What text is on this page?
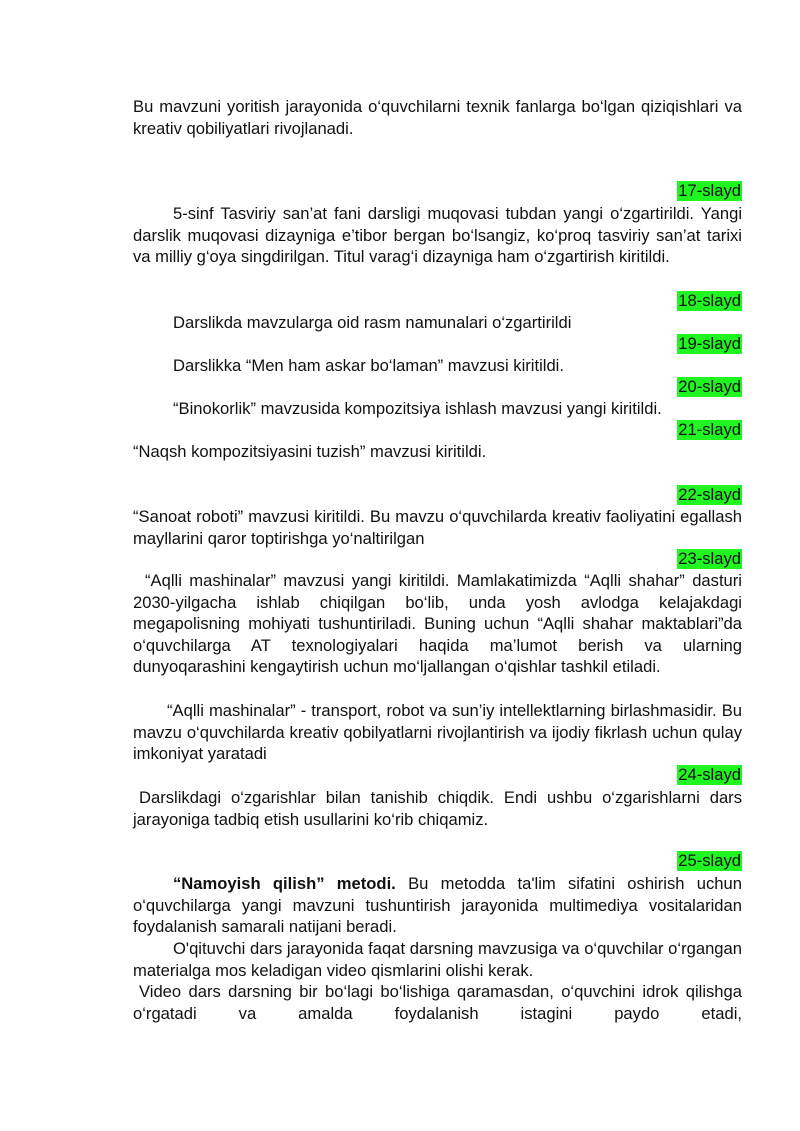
Bu mavzuni yoritish jarayonida o‘quvchilarni texnik fanlarga bo‘lgan qiziqishlari va kreativ qobiliyatlari rivojlanadi.

17-slayd

5-sinf Tasviriy san’at fani darsligi muqovasi tubdan yangi o‘zgartirildi. Yangi darslik muqovasi dizayniga e’tibor bergan bo‘lsangiz, ko‘proq tasviriy san’at tarixi va milliy g‘oya singdirilgan. Titul varag‘i dizayniga ham o‘zgartirish kiritildi.

18-slayd

Darslikda mavzularga oid rasm namunalari o‘zgartirildi

19-slayd

Darslikka “Men ham askar bo‘laman” mavzusi kiritildi.

20-slayd

“Binokorlik” mavzusida kompozitsiya ishlash mavzusi yangi kiritildi.

21-slayd

“Naqsh kompozitsiyasini tuzish” mavzusi kiritildi.

22-slayd

“Sanoat roboti” mavzusi kiritildi. Bu mavzu o‘quvchilarda kreativ faoliyatini egallash mayllarini qaror toptirishga yo‘naltirilgan

23-slayd

“Aqlli mashinalar” mavzusi yangi kiritildi. Mamlakatimizda “Aqlli shahar” dasturi 2030-yilgacha ishlab chiqilgan bo‘lib, unda yosh avlodga kelajakdagi megapolisning mohiyati tushuntiriladi. Buning uchun “Aqlli shahar maktablari”da o‘quvchilarga AT texnologiyalari haqida ma’lumot berish va ularning dunyoqarashini kengaytirish uchun mo‘ljallangan o‘qishlar tashkil etiladi.

“Aqlli mashinalar” - transport, robot va sun’iy intellektlarning birlashmasidir. Bu mavzu o‘quvchilarda kreativ qobilyatlarni rivojlantirish va ijodiy fikrlash uchun qulay imkoniyat yaratadi

24-slayd

Darslikdagi o‘zgarishlar bilan tanishib chiqdik. Endi ushbu o‘zgarishlarni dars jarayoniga tadbiq etish usullarini ko‘rib chiqamiz.

25-slayd

“Namoyish qilish” metodi. Bu metodda ta'lim sifatini oshirish uchun o‘quvchilarga yangi mavzuni tushuntirish jarayonida multimediya vositalaridan foydalanish samarali natijani beradi.

O'qituvchi dars jarayonida faqat darsning mavzusiga va o‘quvchilar o‘rgangan materialga mos keladigan video qismlarini olishi kerak.

Video dars darsning bir bo‘lagi bo‘lishiga qaramasdan, o‘quvchini idrok qilishga o‘rgatadi va amalda foydalanish istagini paydo etadi,
